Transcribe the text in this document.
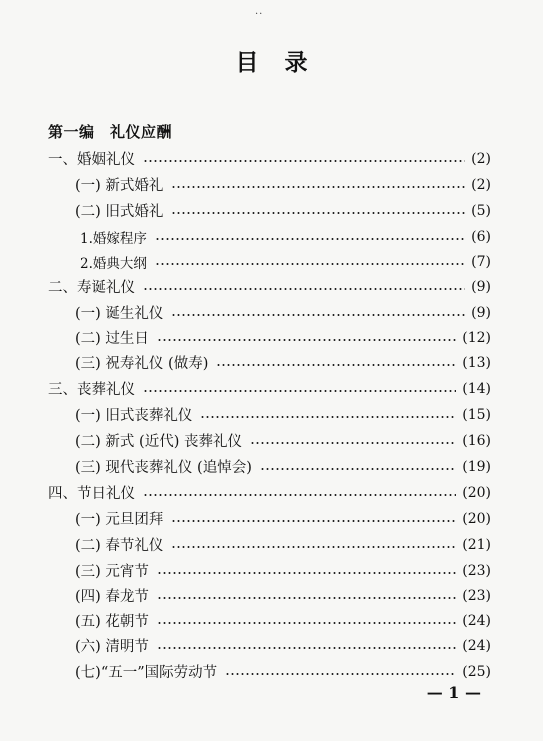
..
目录
第一编　礼仪应酬
一、婚姻礼仪	(2)
(一) 新式婚礼	(2)
(二) 旧式婚礼	(5)
1.婚嫁程序	(6)
2.婚典大纲	(7)
二、寿诞礼仪	(9)
(一) 诞生礼仪	(9)
(二) 过生日	(12)
(三) 祝寿礼仪 (做寿)	(13)
三、丧葬礼仪	(14)
(一) 旧式丧葬礼仪	(15)
(二) 新式 (近代) 丧葬礼仪	(16)
(三) 现代丧葬礼仪 (追悼会)	(19)
四、节日礼仪	(20)
(一) 元旦团拜	(20)
(二) 春节礼仪	(21)
(三) 元宵节	(23)
(四) 春龙节	(23)
(五) 花朝节	(24)
(六) 清明节	(24)
(七)“五一”国际劳动节	(25)
— 1 —
